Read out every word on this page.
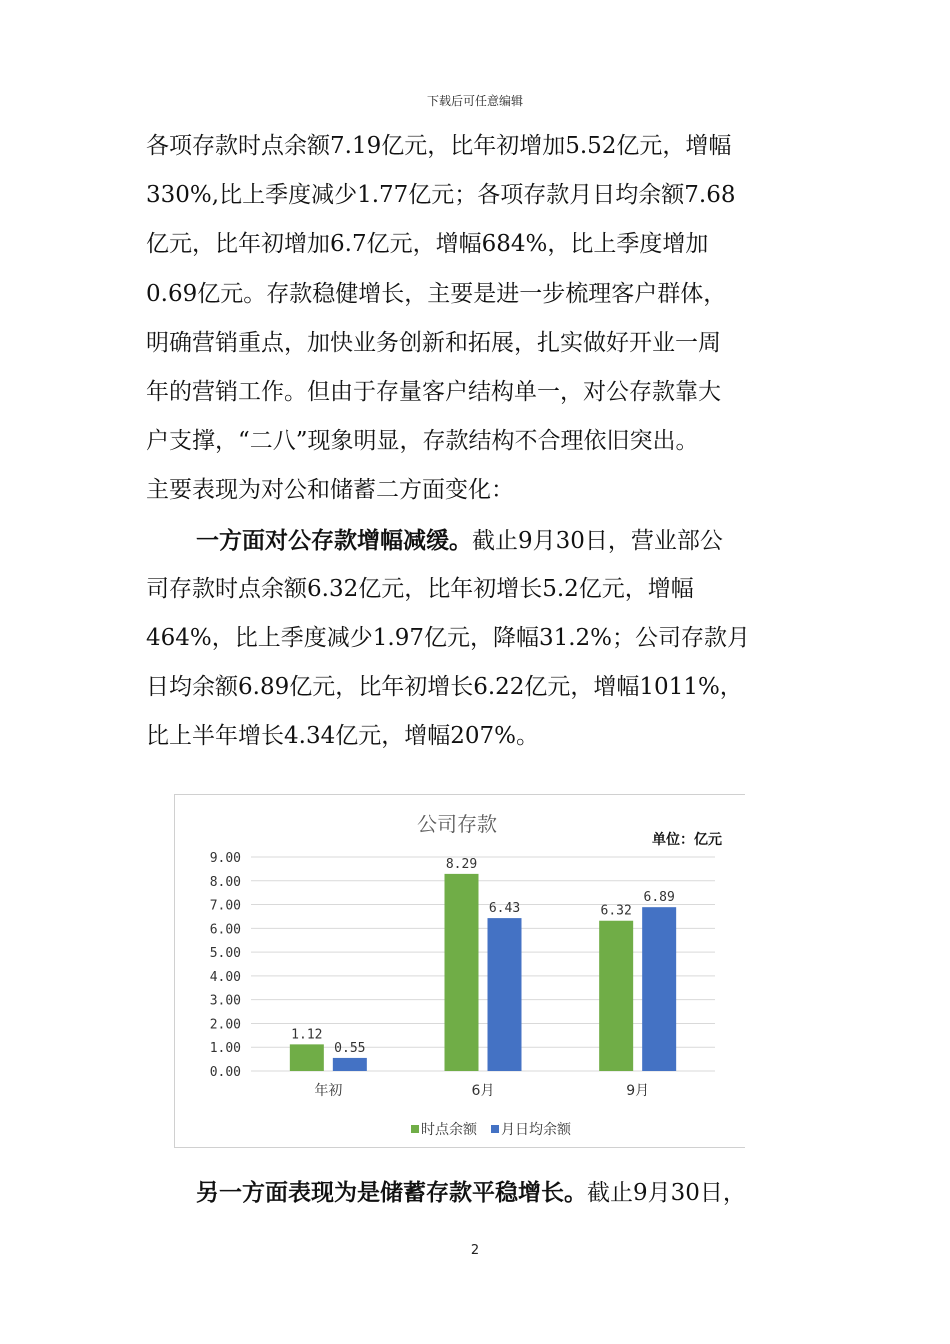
下载后可任意编辑
各项存款时点余额7.19亿元，比年初增加5.52亿元，增幅
330%,比上季度减少1.77亿元；各项存款月日均余额7.68
亿元，比年初增加6.7亿元，增幅684%，比上季度增加
0.69亿元。存款稳健增长，主要是进一步梳理客户群体，
明确营销重点，加快业务创新和拓展，扎实做好开业一周
年的营销工作。但由于存量客户结构单一，对公存款靠大
户支撑，“二八”现象明显，存款结构不合理依旧突出。
主要表现为对公和储蓄二方面变化：
一方面对公存款增幅减缓。截止9月30日，营业部公
司存款时点余额6.32亿元，比年初增长5.2亿元，增幅
464%，比上季度减少1.97亿元，降幅31.2%；公司存款月
日均余额6.89亿元，比年初增长6.22亿元，增幅1011%，
比上半年增长4.34亿元，增幅207%。
公司存款
单位：亿元
0.00
1.00
2.00
3.00
4.00
5.00
6.00
7.00
8.00
9.00
1.12
0.55
8.29
6.43	6.32
6.89
年初	6月	9月
时点余额 月日均余额
另一方面表现为是储蓄存款平稳增长。截止9月30日，
2
